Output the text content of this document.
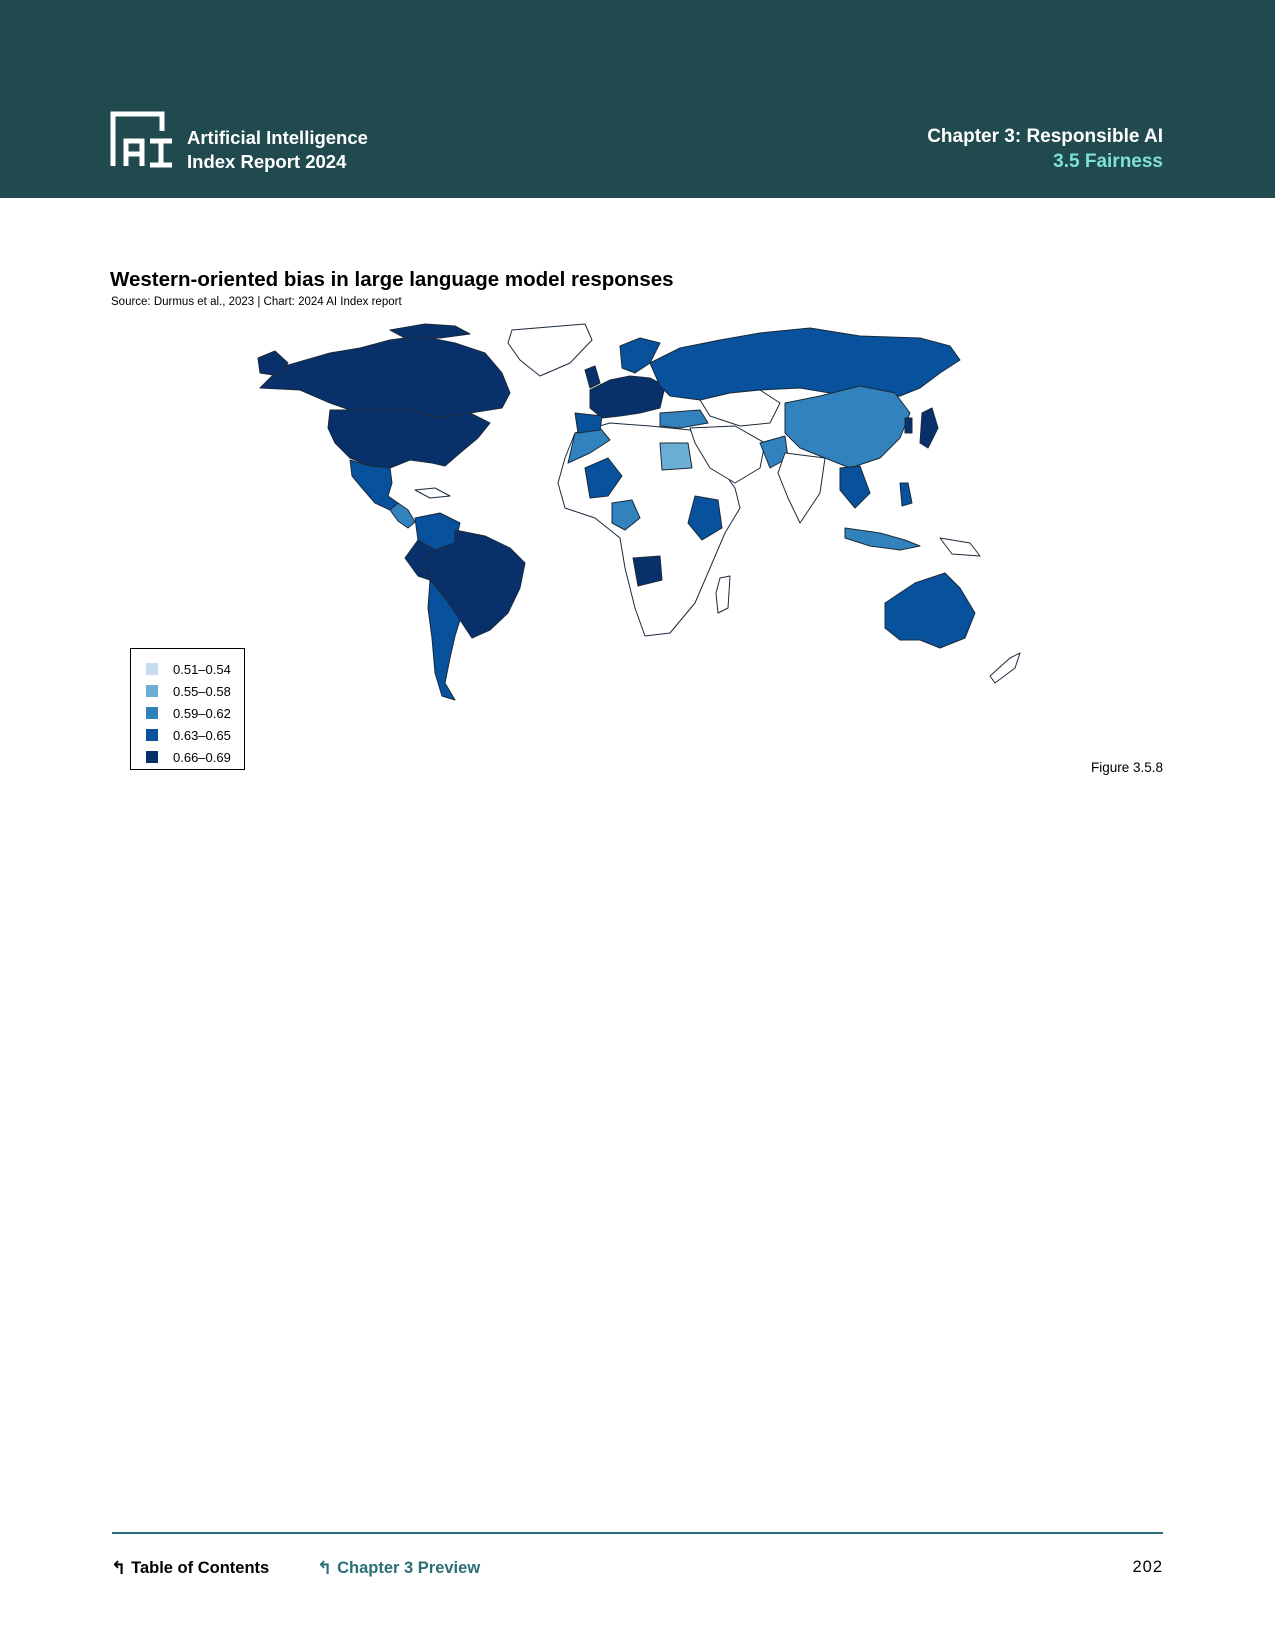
Artificial Intelligence
Index Report 2024
Chapter 3: Responsible AI
3.5 Fairness
Western-oriented bias in large language model responses
Source: Durmus et al., 2023 | Chart: 2024 AI Index report
0.51–0.54
0.55–0.58
0.59–0.62
0.63–0.65
0.66–0.69
Figure 3.5.8
↰ Table of Contents	↰ Chapter 3 Preview	202
